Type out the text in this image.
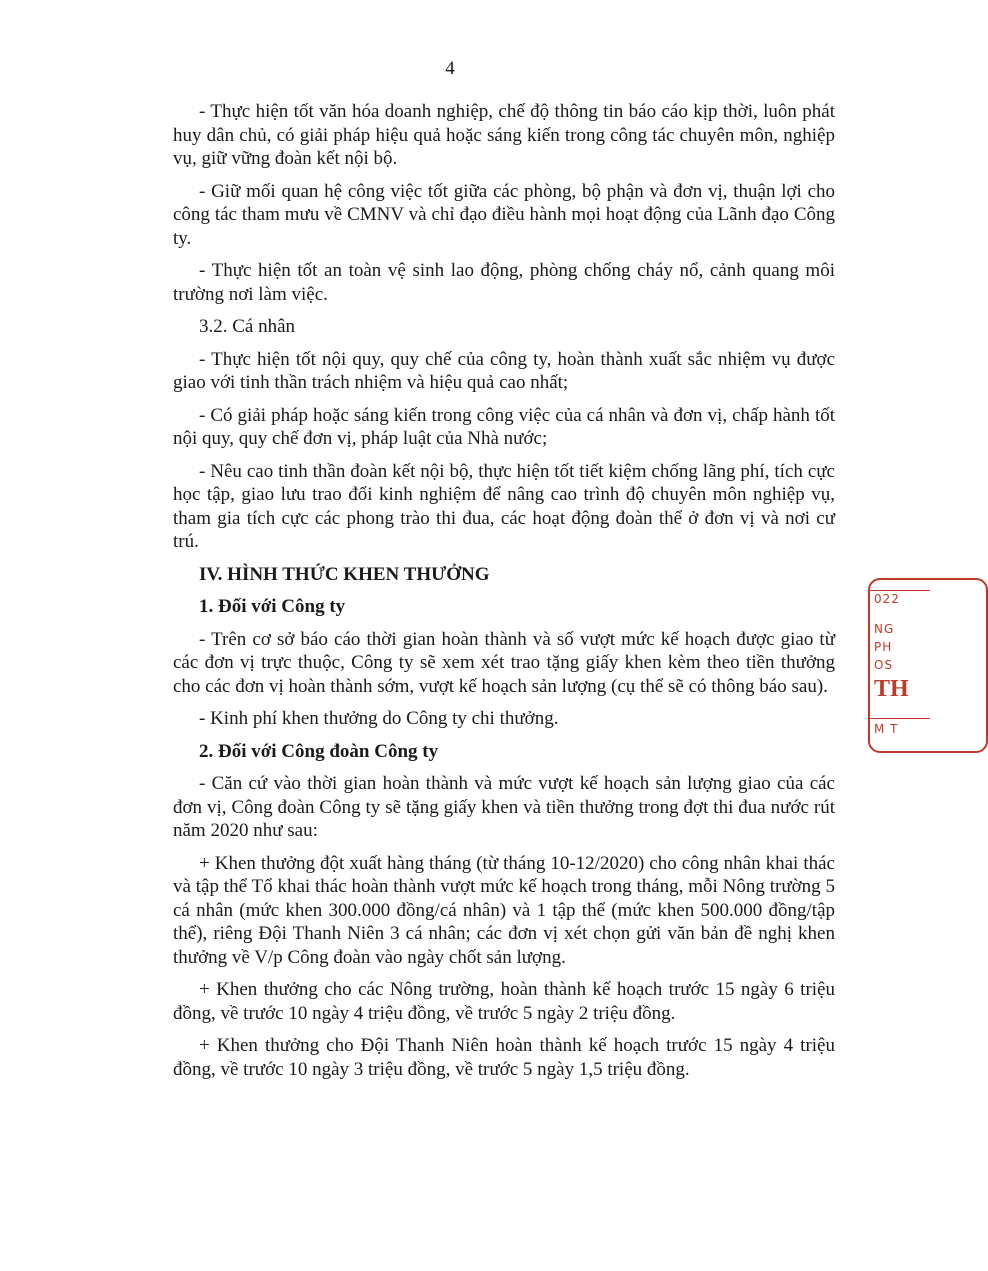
4

- Thực hiện tốt văn hóa doanh nghiệp, chế độ thông tin báo cáo kịp thời, luôn phát huy dân chủ, có giải pháp hiệu quả hoặc sáng kiến trong công tác chuyên môn, nghiệp vụ, giữ vững đoàn kết nội bộ.

- Giữ mối quan hệ công việc tốt giữa các phòng, bộ phận và đơn vị, thuận lợi cho công tác tham mưu về CMNV và chỉ đạo điều hành mọi hoạt động của Lãnh đạo Công ty.

- Thực hiện tốt an toàn vệ sinh lao động, phòng chống cháy nổ, cảnh quang môi trường nơi làm việc.

3.2. Cá nhân

- Thực hiện tốt nội quy, quy chế của công ty, hoàn thành xuất sắc nhiệm vụ được giao với tinh thần trách nhiệm và hiệu quả cao nhất;

- Có giải pháp hoặc sáng kiến trong công việc của cá nhân và đơn vị, chấp hành tốt nội quy, quy chế đơn vị, pháp luật của Nhà nước;

- Nêu cao tinh thần đoàn kết nội bộ, thực hiện tốt tiết kiệm chống lãng phí, tích cực học tập, giao lưu trao đổi kinh nghiệm để nâng cao trình độ chuyên môn nghiệp vụ, tham gia tích cực các phong trào thi đua, các hoạt động đoàn thể ở đơn vị và nơi cư trú.

IV. HÌNH THỨC KHEN THƯỞNG

1. Đối với Công ty

- Trên cơ sở báo cáo thời gian hoàn thành và số vượt mức kế hoạch được giao từ các đơn vị trực thuộc, Công ty sẽ xem xét trao tặng giấy khen kèm theo tiền thưởng cho các đơn vị hoàn thành sớm, vượt kế hoạch sản lượng (cụ thể sẽ có thông báo sau).

- Kinh phí khen thưởng do Công ty chi thưởng.

2. Đối với Công đoàn Công ty

- Căn cứ vào thời gian hoàn thành và mức vượt kế hoạch sản lượng giao của các đơn vị, Công đoàn Công ty sẽ tặng giấy khen và tiền thưởng trong đợt thi đua nước rút năm 2020 như sau:

+ Khen thưởng đột xuất hàng tháng (từ tháng 10-12/2020) cho công nhân khai thác và tập thể Tổ khai thác hoàn thành vượt mức kế hoạch trong tháng, mỗi Nông trường 5 cá nhân (mức khen 300.000 đồng/cá nhân) và 1 tập thể (mức khen 500.000 đồng/tập thể), riêng Đội Thanh Niên 3 cá nhân; các đơn vị xét chọn gửi văn bản đề nghị khen thưởng về V/p Công đoàn vào ngày chốt sản lượng.

+ Khen thưởng cho các Nông trường, hoàn thành kế hoạch trước 15 ngày 6 triệu đồng, về trước 10 ngày 4 triệu đồng, về trước 5 ngày 2 triệu đồng.

+ Khen thưởng cho Đội Thanh Niên hoàn thành kế hoạch trước 15 ngày 4 triệu đồng, về trước 10 ngày 3 triệu đồng, về trước 5 ngày 1,5 triệu đồng.

022
NG
PH
OS
TH
M T
